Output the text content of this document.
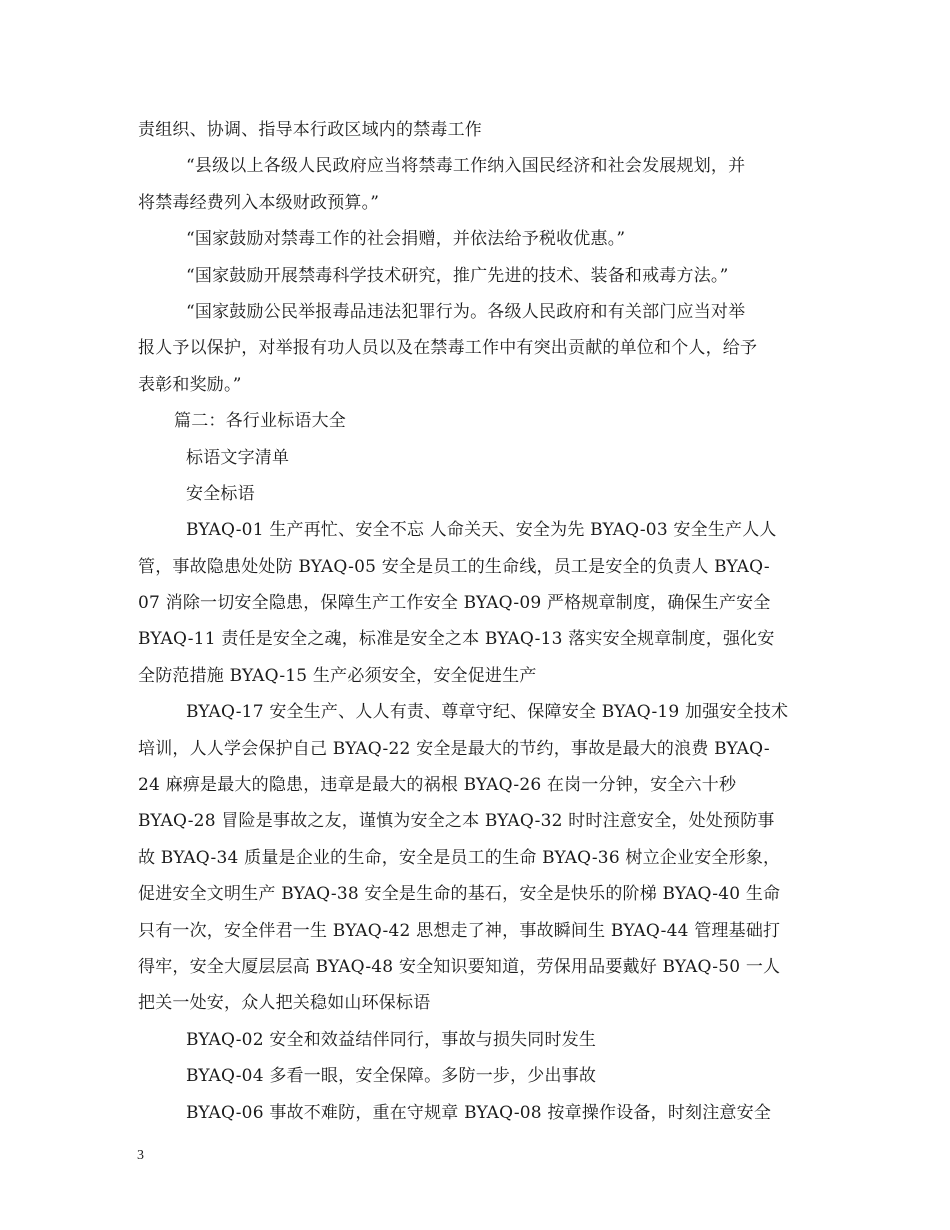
责组织、协调、指导本行政区域内的禁毒工作
“县级以上各级人民政府应当将禁毒工作纳入国民经济和社会发展规划，并
将禁毒经费列入本级财政预算。”
“国家鼓励对禁毒工作的社会捐赠，并依法给予税收优惠。”
“国家鼓励开展禁毒科学技术研究，推广先进的技术、装备和戒毒方法。”
“国家鼓励公民举报毒品违法犯罪行为。各级人民政府和有关部门应当对举
报人予以保护，对举报有功人员以及在禁毒工作中有突出贡献的单位和个人，给予
表彰和奖励。”
篇二：各行业标语大全
标语文字清单
安全标语
BYAQ-01 生产再忙、安全不忘 人命关天、安全为先 BYAQ-03 安全生产人人
管，事故隐患处处防 BYAQ-05 安全是员工的生命线，员工是安全的负责人 BYAQ-
07 消除一切安全隐患，保障生产工作安全 BYAQ-09 严格规章制度，确保生产安全
BYAQ-11 责任是安全之魂，标准是安全之本 BYAQ-13 落实安全规章制度，强化安
全防范措施 BYAQ-15 生产必须安全，安全促进生产
BYAQ-17 安全生产、人人有责、尊章守纪、保障安全 BYAQ-19 加强安全技术
培训，人人学会保护自己 BYAQ-22 安全是最大的节约，事故是最大的浪费 BYAQ-
24 麻痹是最大的隐患，违章是最大的祸根 BYAQ-26 在岗一分钟，安全六十秒
BYAQ-28 冒险是事故之友，谨慎为安全之本 BYAQ-32 时时注意安全，处处预防事
故 BYAQ-34 质量是企业的生命，安全是员工的生命 BYAQ-36 树立企业安全形象，
促进安全文明生产 BYAQ-38 安全是生命的基石，安全是快乐的阶梯 BYAQ-40 生命
只有一次，安全伴君一生 BYAQ-42 思想走了神，事故瞬间生 BYAQ-44 管理基础打
得牢，安全大厦层层高 BYAQ-48 安全知识要知道，劳保用品要戴好 BYAQ-50 一人
把关一处安，众人把关稳如山环保标语
BYAQ-02 安全和效益结伴同行，事故与损失同时发生
BYAQ-04 多看一眼，安全保障。多防一步，少出事故
BYAQ-06 事故不难防，重在守规章 BYAQ-08 按章操作设备，时刻注意安全
3
